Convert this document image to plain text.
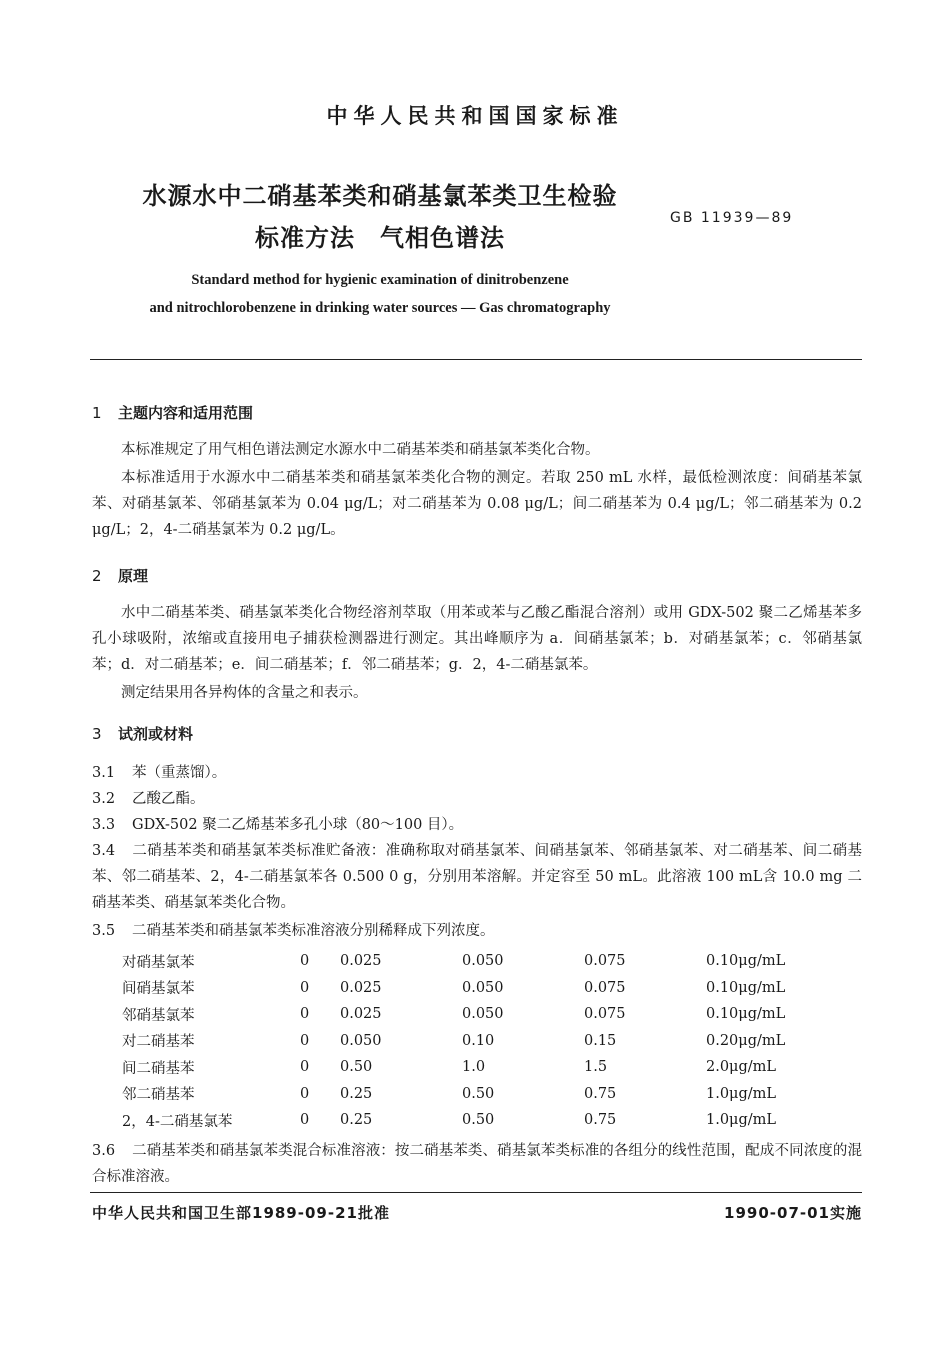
中华人民共和国国家标准
水源水中二硝基苯类和硝基氯苯类卫生检验
标准方法　气相色谱法
GB 11939—89
Standard method for hygienic examination of dinitrobenzene
and nitrochlorobenzene in drinking water sources — Gas chromatography
1 主题内容和适用范围
本标准规定了用气相色谱法测定水源水中二硝基苯类和硝基氯苯类化合物。
本标准适用于水源水中二硝基苯类和硝基氯苯类化合物的测定。若取 250 mL 水样，最低检测浓度：间硝基苯氯苯、对硝基氯苯、邻硝基氯苯为 0.04 μg/L；对二硝基苯为 0.08 μg/L；间二硝基苯为 0.4 μg/L；邻二硝基苯为 0.2 μg/L；2，4-二硝基氯苯为 0.2 μg/L。
2 原理
水中二硝基苯类、硝基氯苯类化合物经溶剂萃取（用苯或苯与乙酸乙酯混合溶剂）或用 GDX-502 聚二乙烯基苯多孔小球吸附，浓缩或直接用电子捕获检测器进行测定。其出峰顺序为 a．间硝基氯苯；b．对硝基氯苯；c．邻硝基氯苯；d．对二硝基苯；e．间二硝基苯；f．邻二硝基苯；g．2，4-二硝基氯苯。
测定结果用各异构体的含量之和表示。
3 试剂或材料
3.1 苯（重蒸馏）。
3.2 乙酸乙酯。
3.3 GDX-502 聚二乙烯基苯多孔小球（80～100 目）。
3.4 二硝基苯类和硝基氯苯类标准贮备液：准确称取对硝基氯苯、间硝基氯苯、邻硝基氯苯、对二硝基苯、间二硝基苯、邻二硝基苯、2，4-二硝基氯苯各 0.500 0 g，分别用苯溶解。并定容至 50 mL。此溶液 100 mL含 10.0 mg 二硝基苯类、硝基氯苯类化合物。
3.5 二硝基苯类和硝基氯苯类标准溶液分别稀释成下列浓度。
对硝基氯苯	0	0.025	0.050	0.075	0.10μg/mL
间硝基氯苯	0	0.025	0.050	0.075	0.10μg/mL
邻硝基氯苯	0	0.025	0.050	0.075	0.10μg/mL
对二硝基苯	0	0.050	0.10	0.15	0.20μg/mL
间二硝基苯	0	0.50	1.0	1.5	2.0μg/mL
邻二硝基苯	0	0.25	0.50	0.75	1.0μg/mL
2，4-二硝基氯苯	0	0.25	0.50	0.75	1.0μg/mL
3.6 二硝基苯类和硝基氯苯类混合标准溶液：按二硝基苯类、硝基氯苯类标准的各组分的线性范围，配成不同浓度的混合标准溶液。
中华人民共和国卫生部1989-09-21批准	1990-07-01实施
